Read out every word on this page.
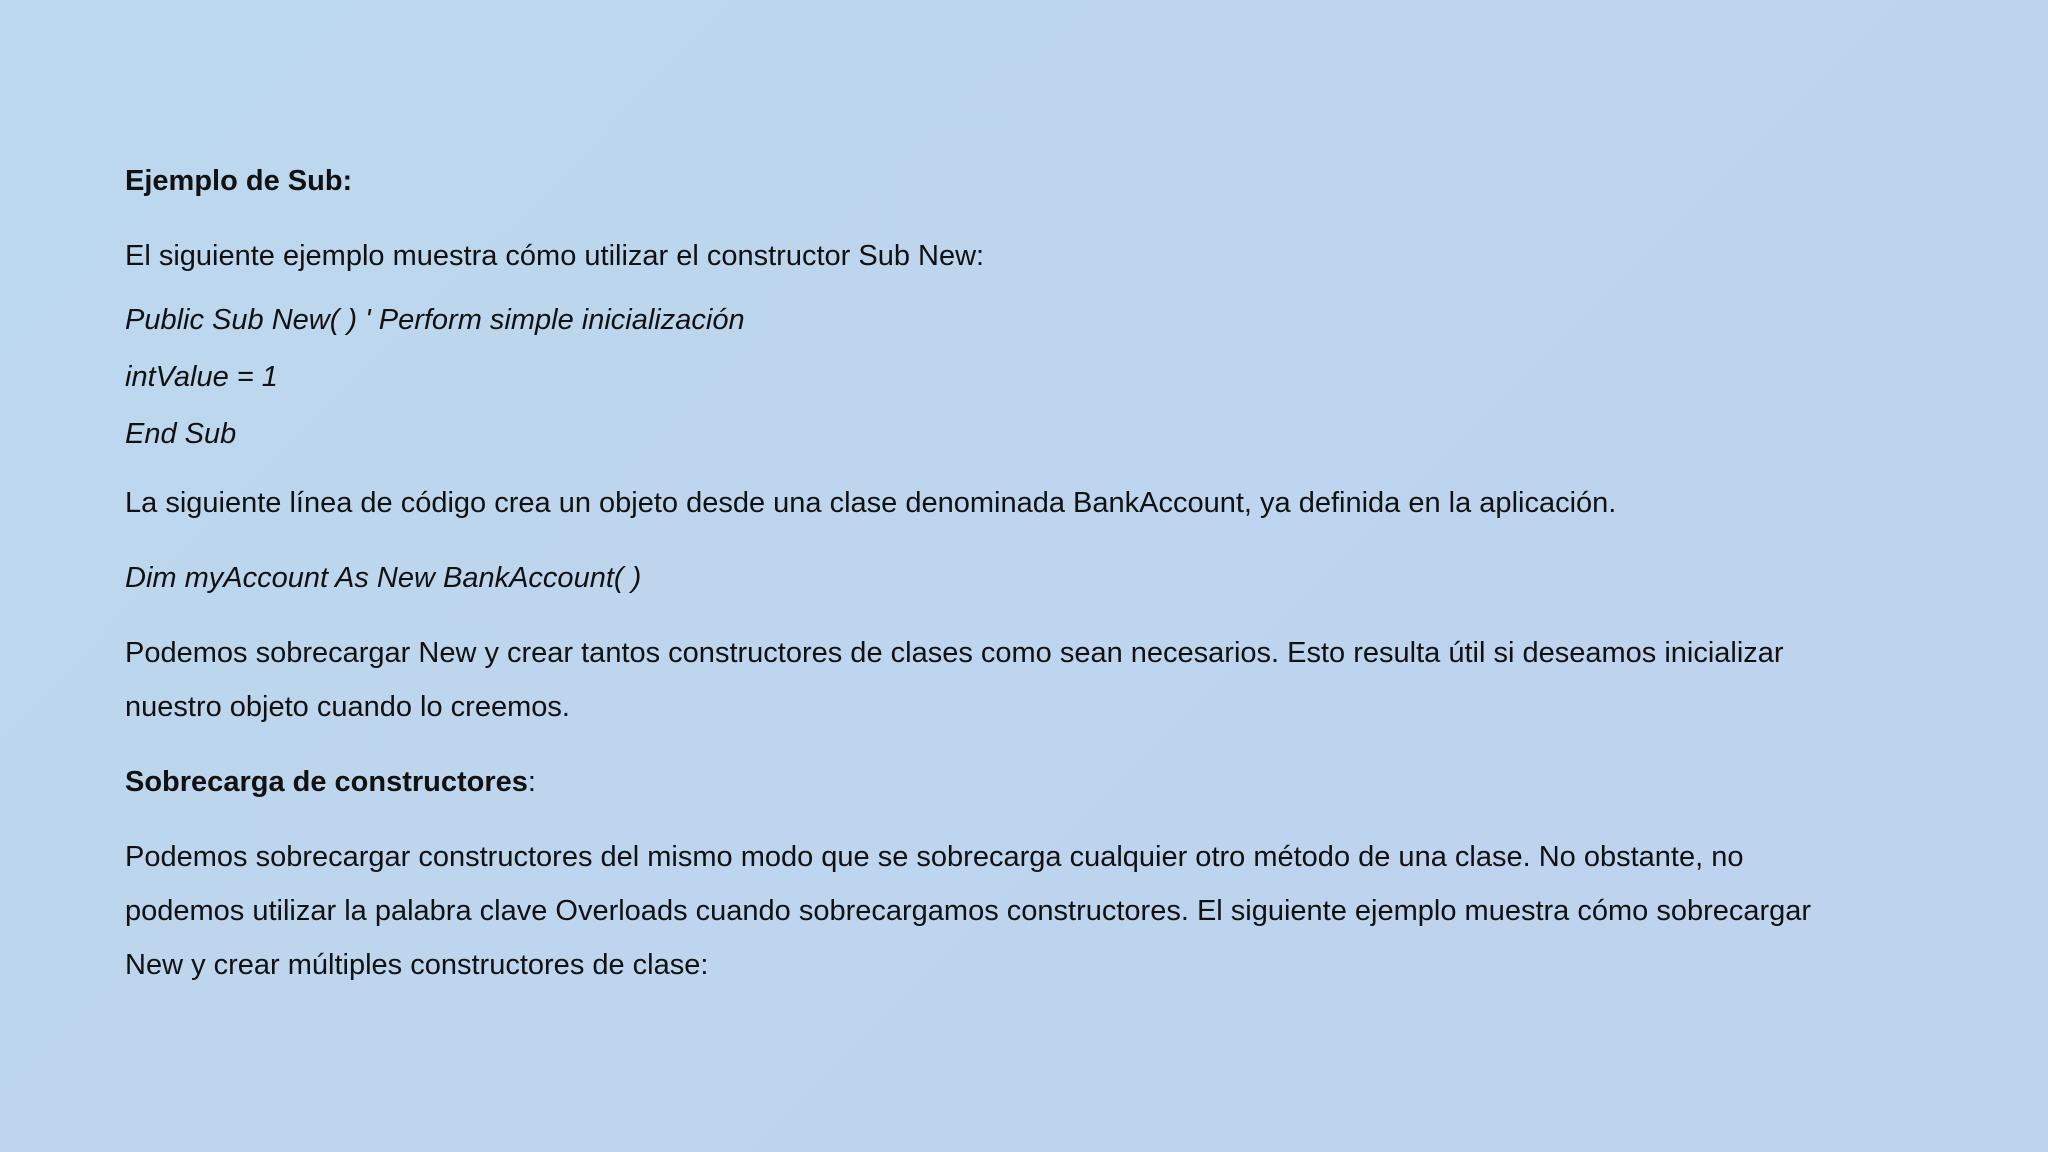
Ejemplo de Sub:
El siguiente ejemplo muestra cómo utilizar el constructor Sub New:
Public Sub New( ) ' Perform simple inicialización
intValue = 1
End Sub
La siguiente línea de código crea un objeto desde una clase denominada BankAccount, ya definida en la aplicación.
Dim myAccount As New BankAccount( )
Podemos sobrecargar New y crear tantos constructores de clases como sean necesarios. Esto resulta útil si deseamos inicializar
nuestro objeto cuando lo creemos.
Sobrecarga de constructores:
Podemos sobrecargar constructores del mismo modo que se sobrecarga cualquier otro método de una clase. No obstante, no
podemos utilizar la palabra clave Overloads cuando sobrecargamos constructores. El siguiente ejemplo muestra cómo sobrecargar
New y crear múltiples constructores de clase:
